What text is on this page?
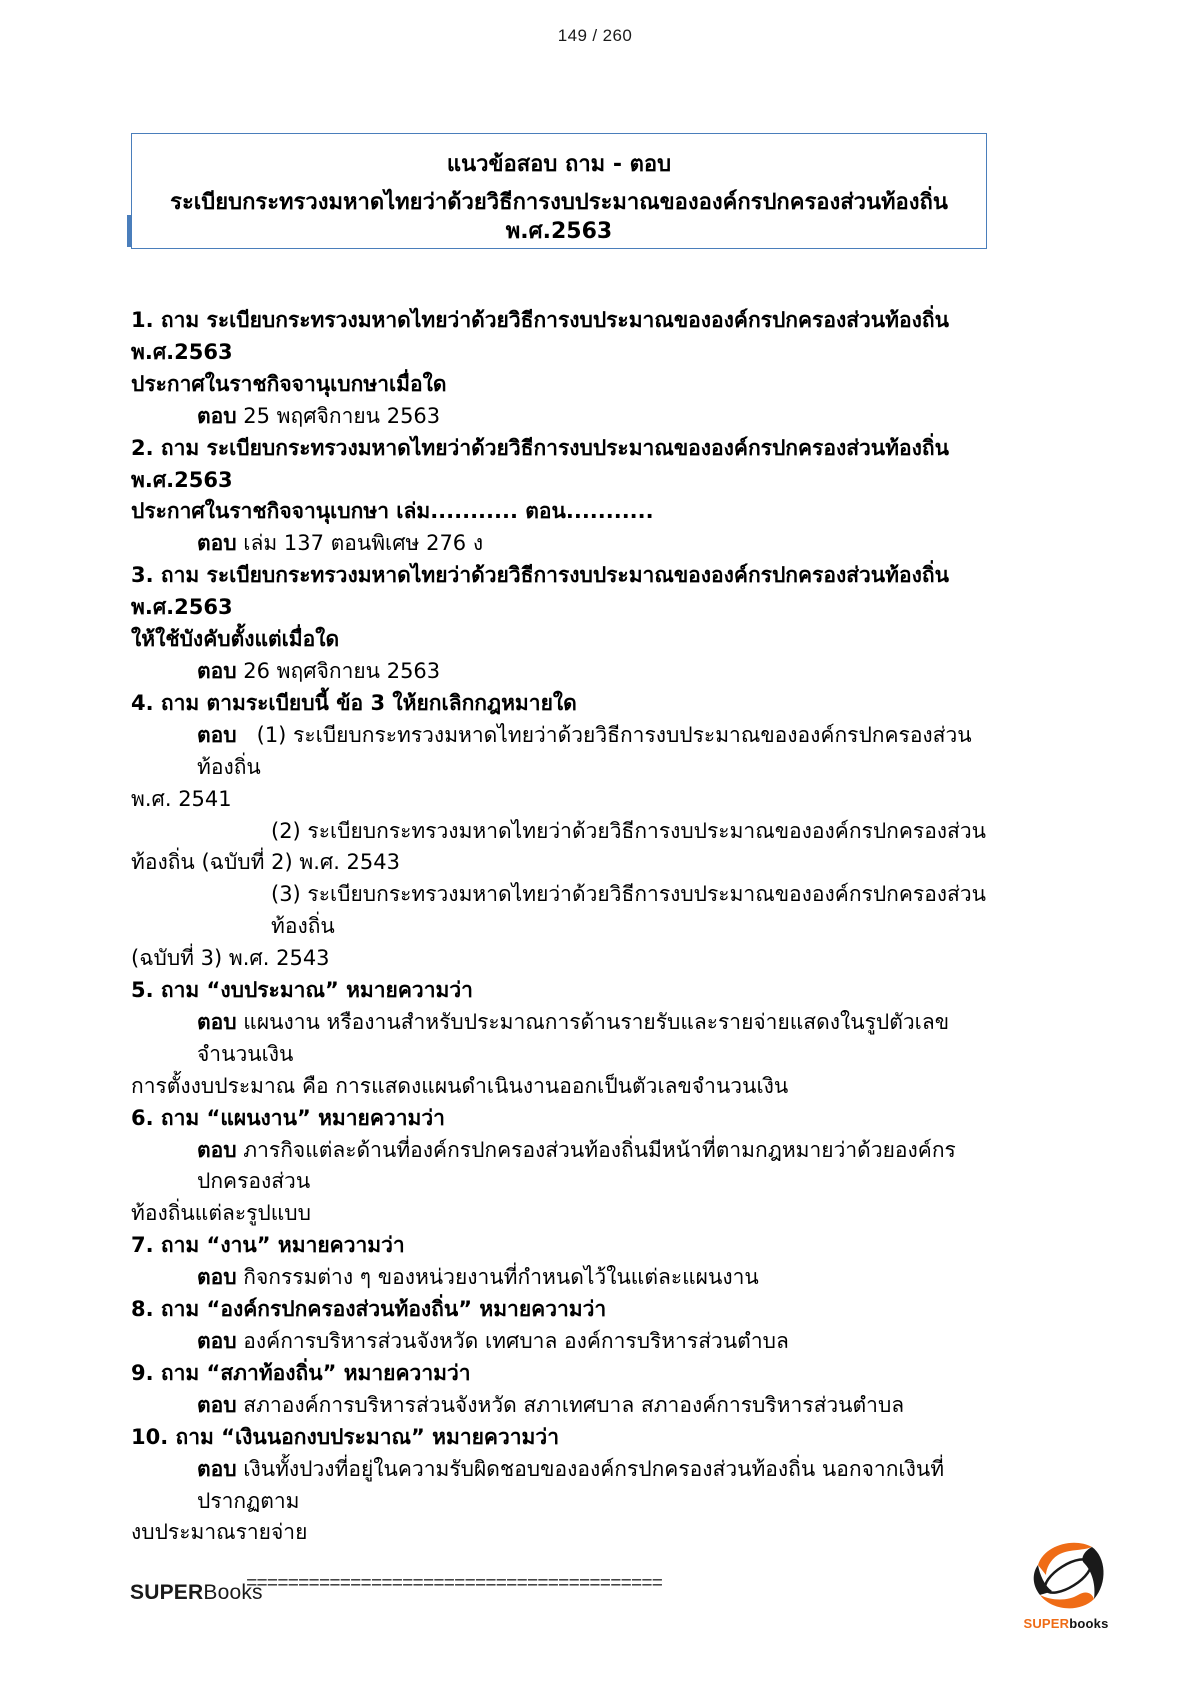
149 / 260
แนวข้อสอบ ถาม - ตอบ
ระเบียบกระทรวงมหาดไทยว่าด้วยวิธีการงบประมาณขององค์กรปกครองส่วนท้องถิ่น พ.ศ.2563

1. ถาม ระเบียบกระทรวงมหาดไทยว่าด้วยวิธีการงบประมาณขององค์กรปกครองส่วนท้องถิ่น พ.ศ.2563

ประกาศในราชกิจจานุเบกษาเมื่อใด

ตอบ 25 พฤศจิกายน 2563

2. ถาม ระเบียบกระทรวงมหาดไทยว่าด้วยวิธีการงบประมาณขององค์กรปกครองส่วนท้องถิ่น พ.ศ.2563

ประกาศในราชกิจจานุเบกษา เล่ม........... ตอน...........

ตอบ เล่ม 137 ตอนพิเศษ 276 ง

3. ถาม ระเบียบกระทรวงมหาดไทยว่าด้วยวิธีการงบประมาณขององค์กรปกครองส่วนท้องถิ่น พ.ศ.2563

ให้ใช้บังคับตั้งแต่เมื่อใด

ตอบ 26 พฤศจิกายน 2563

4. ถาม ตามระเบียบนี้ ข้อ 3 ให้ยกเลิกกฎหมายใด

ตอบ (1) ระเบียบกระทรวงมหาดไทยว่าด้วยวิธีการงบประมาณขององค์กรปกครองส่วนท้องถิ่น

พ.ศ. 2541

(2) ระเบียบกระทรวงมหาดไทยว่าด้วยวิธีการงบประมาณขององค์กรปกครองส่วน

ท้องถิ่น (ฉบับที่ 2) พ.ศ. 2543

(3) ระเบียบกระทรวงมหาดไทยว่าด้วยวิธีการงบประมาณขององค์กรปกครองส่วนท้องถิ่น

(ฉบับที่ 3) พ.ศ. 2543

5. ถาม “งบประมาณ” หมายความว่า

ตอบ แผนงาน หรืองานสำหรับประมาณการด้านรายรับและรายจ่ายแสดงในรูปตัวเลข จำนวนเงิน

การตั้งงบประมาณ คือ การแสดงแผนดำเนินงานออกเป็นตัวเลขจำนวนเงิน

6. ถาม “แผนงาน” หมายความว่า

ตอบ ภารกิจแต่ละด้านที่องค์กรปกครองส่วนท้องถิ่นมีหน้าที่ตามกฎหมายว่าด้วยองค์กรปกครองส่วน

ท้องถิ่นแต่ละรูปแบบ

7. ถาม “งาน” หมายความว่า

ตอบ กิจกรรมต่าง ๆ ของหน่วยงานที่กำหนดไว้ในแต่ละแผนงาน

8. ถาม “องค์กรปกครองส่วนท้องถิ่น” หมายความว่า

ตอบ องค์การบริหารส่วนจังหวัด เทศบาล องค์การบริหารส่วนตำบล

9. ถาม “สภาท้องถิ่น” หมายความว่า

ตอบ สภาองค์การบริหารส่วนจังหวัด สภาเทศบาล สภาองค์การบริหารส่วนตำบล

10. ถาม “เงินนอกงบประมาณ” หมายความว่า

ตอบ เงินทั้งปวงที่อยู่ในความรับผิดชอบขององค์กรปกครองส่วนท้องถิ่น นอกจากเงินที่ปรากฏตาม

งบประมาณรายจ่าย

SUPERBooks
========================================
SUPERbooks
